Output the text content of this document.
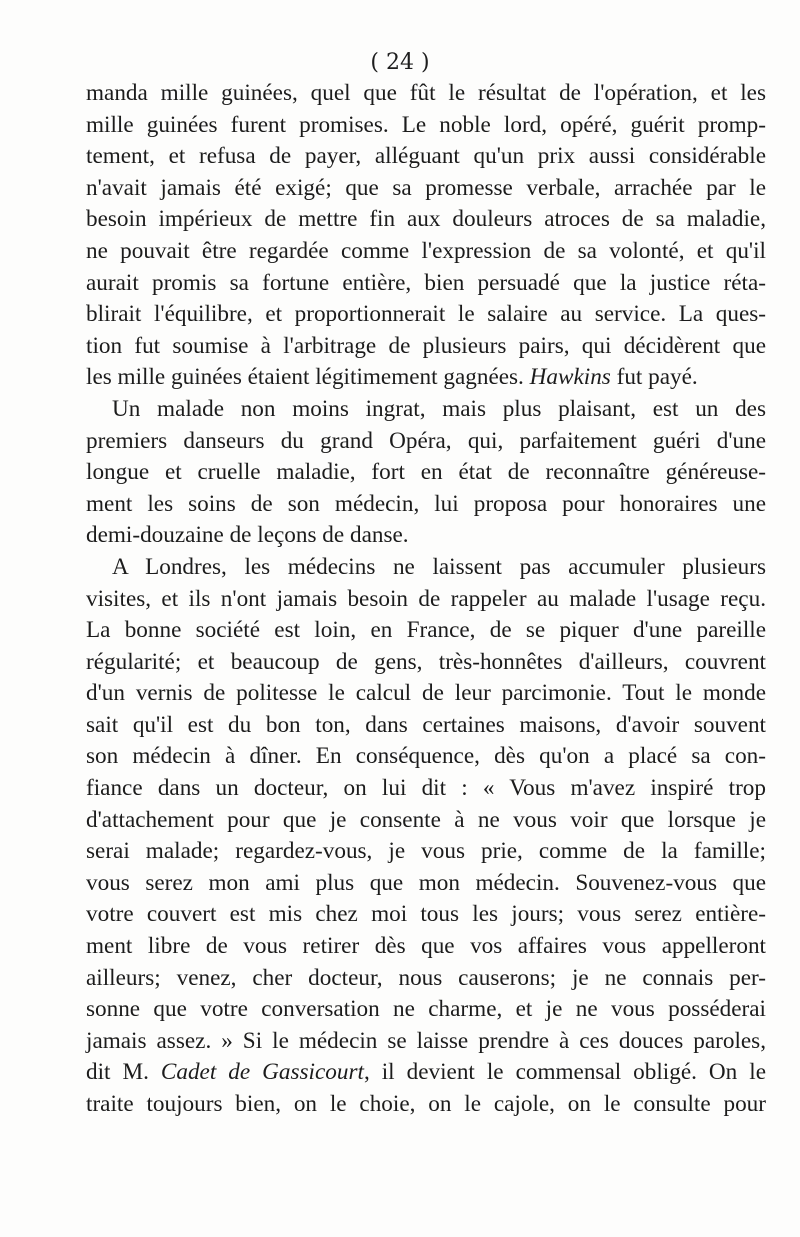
( 24 )
manda mille guinées, quel que fût le résultat de l'opération, et les
mille guinées furent promises. Le noble lord, opéré, guérit promp-
tement, et refusa de payer, alléguant qu'un prix aussi considérable
n'avait jamais été exigé; que sa promesse verbale, arrachée par le
besoin impérieux de mettre fin aux douleurs atroces de sa maladie,
ne pouvait être regardée comme l'expression de sa volonté, et qu'il
aurait promis sa fortune entière, bien persuadé que la justice réta-
blirait l'équilibre, et proportionnerait le salaire au service. La ques-
tion fut soumise à l'arbitrage de plusieurs pairs, qui décidèrent que
les mille guinées étaient légitimement gagnées. Hawkins fut payé.
Un malade non moins ingrat, mais plus plaisant, est un des
premiers danseurs du grand Opéra, qui, parfaitement guéri d'une
longue et cruelle maladie, fort en état de reconnaître généreuse-
ment les soins de son médecin, lui proposa pour honoraires une
demi-douzaine de leçons de danse.
A Londres, les médecins ne laissent pas accumuler plusieurs
visites, et ils n'ont jamais besoin de rappeler au malade l'usage reçu.
La bonne société est loin, en France, de se piquer d'une pareille
régularité; et beaucoup de gens, très-honnêtes d'ailleurs, couvrent
d'un vernis de politesse le calcul de leur parcimonie. Tout le monde
sait qu'il est du bon ton, dans certaines maisons, d'avoir souvent
son médecin à dîner. En conséquence, dès qu'on a placé sa con-
fiance dans un docteur, on lui dit : « Vous m'avez inspiré trop
d'attachement pour que je consente à ne vous voir que lorsque je
serai malade; regardez-vous, je vous prie, comme de la famille;
vous serez mon ami plus que mon médecin. Souvenez-vous que
votre couvert est mis chez moi tous les jours; vous serez entière-
ment libre de vous retirer dès que vos affaires vous appelleront
ailleurs; venez, cher docteur, nous causerons; je ne connais per-
sonne que votre conversation ne charme, et je ne vous posséderai
jamais assez. » Si le médecin se laisse prendre à ces douces paroles,
dit M. Cadet de Gassicourt, il devient le commensal obligé. On le
traite toujours bien, on le choie, on le cajole, on le consulte pour
